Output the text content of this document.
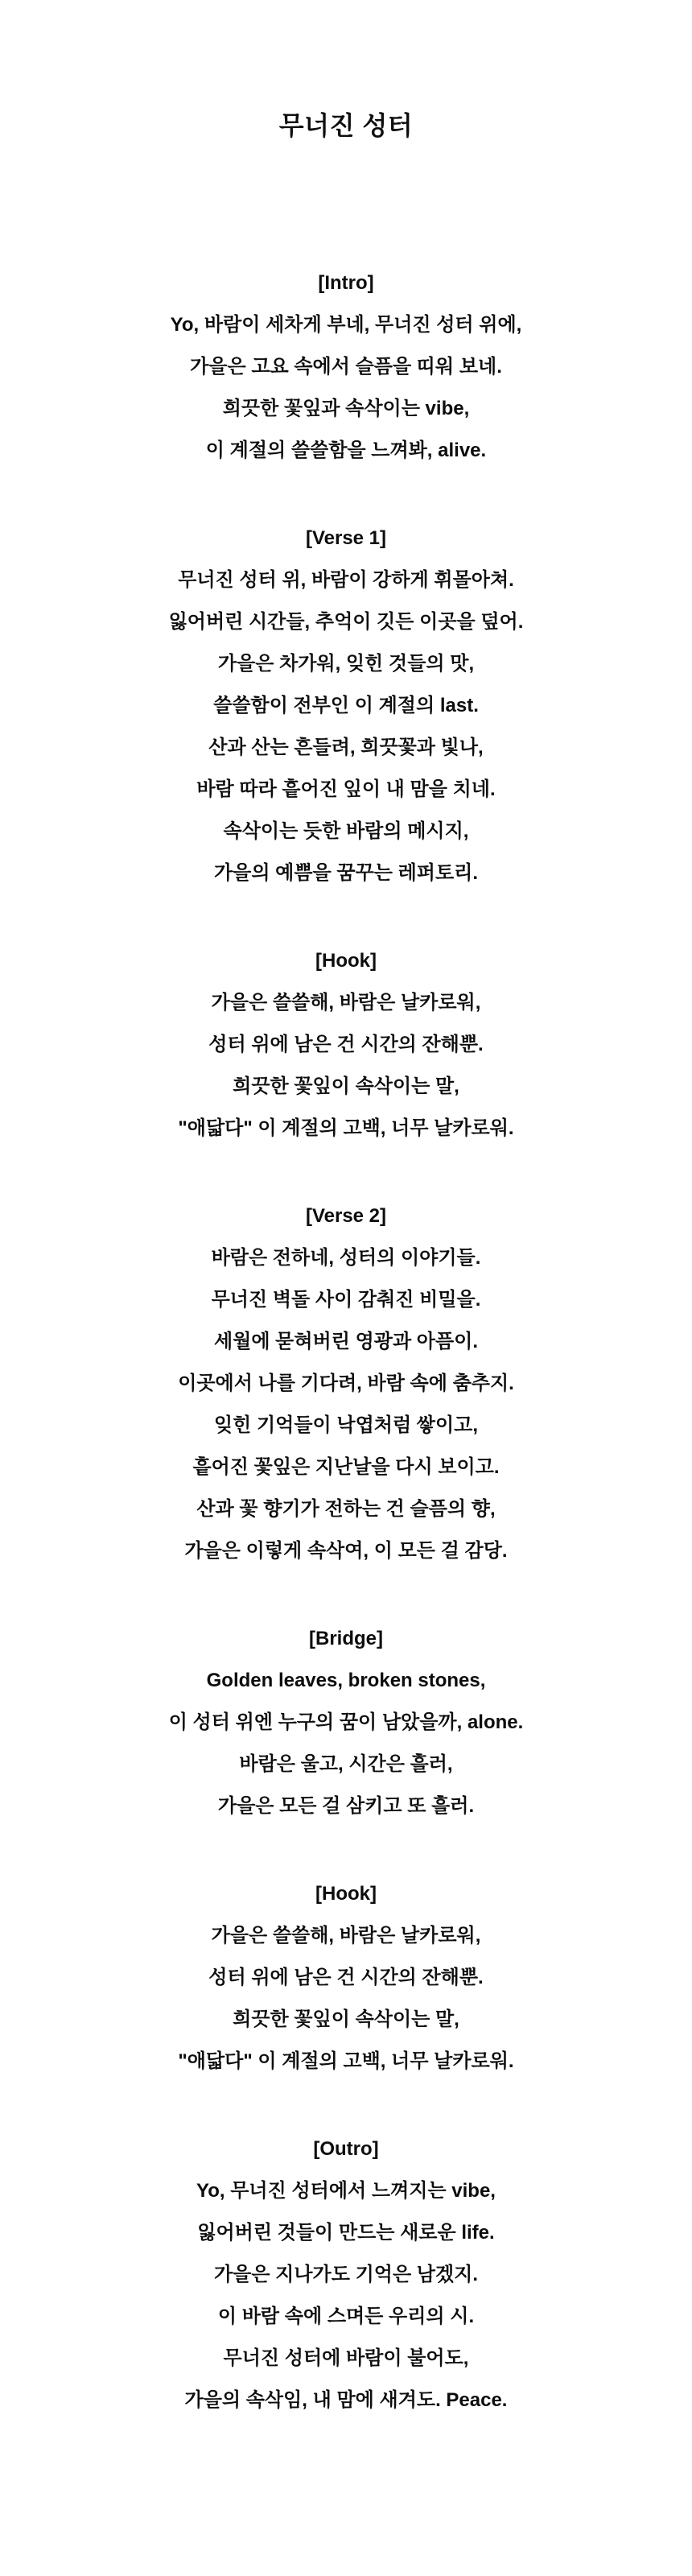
무너진 성터
[Intro]
Yo, 바람이 세차게 부네, 무너진 성터 위에,
가을은 고요 속에서 슬픔을 띠워 보네.
희끗한 꽃잎과 속삭이는 vibe,
이 계절의 쓸쓸함을 느껴봐, alive.
[Verse 1]
무너진 성터 위, 바람이 강하게 휘몰아쳐.
잃어버린 시간들, 추억이 깃든 이곳을 덮어.
가을은 차가워, 잊힌 것들의 맛,
쓸쓸함이 전부인 이 계절의 last.
산과 산는 흔들려, 희끗꽃과 빛나,
바람 따라 흩어진 잎이 내 맘을 치네.
속삭이는 듯한 바람의 메시지,
가을의 예쁨을 꿈꾸는 레퍼토리.
[Hook]
가을은 쓸쓸해, 바람은 날카로워,
성터 위에 남은 건 시간의 잔해뿐.
희끗한 꽃잎이 속삭이는 말,
"애닯다" 이 계절의 고백, 너무 날카로워.
[Verse 2]
바람은 전하네, 성터의 이야기들.
무너진 벽돌 사이 감춰진 비밀을.
세월에 묻혀버린 영광과 아픔이.
이곳에서 나를 기다려, 바람 속에 춤추지.
잊힌 기억들이 낙엽처럼 쌓이고,
흩어진 꽃잎은 지난날을 다시 보이고.
산과 꽃 향기가 전하는 건 슬픔의 향,
가을은 이렇게 속삭여, 이 모든 걸 감당.
[Bridge]
Golden leaves, broken stones,
이 성터 위엔 누구의 꿈이 남았을까, alone.
바람은 울고, 시간은 흘러,
가을은 모든 걸 삼키고 또 흘러.
[Hook]
가을은 쓸쓸해, 바람은 날카로워,
성터 위에 남은 건 시간의 잔해뿐.
희끗한 꽃잎이 속삭이는 말,
"애닯다" 이 계절의 고백, 너무 날카로워.
[Outro]
Yo, 무너진 성터에서 느껴지는 vibe,
잃어버린 것들이 만드는 새로운 life.
가을은 지나가도 기억은 남겠지.
이 바람 속에 스며든 우리의 시.
무너진 성터에 바람이 불어도,
가을의 속삭임, 내 맘에 새겨도. Peace.
